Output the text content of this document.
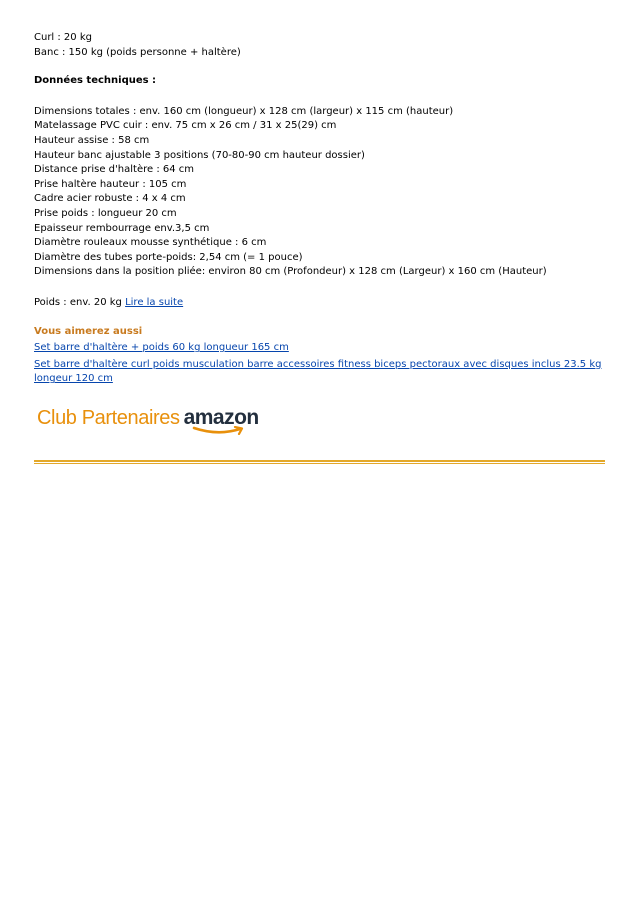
Curl : 20 kg

Banc : 150 kg (poids personne + haltère)

Données techniques :

Dimensions totales : env. 160 cm (longueur) x 128 cm (largeur) x 115 cm (hauteur)

Matelassage PVC cuir : env. 75 cm x 26 cm / 31 x 25(29) cm

Hauteur assise : 58 cm

Hauteur banc ajustable 3 positions (70-80-90 cm hauteur dossier)

Distance prise d'haltère : 64 cm

Prise haltère hauteur : 105 cm

Cadre acier robuste : 4 x 4 cm

Prise poids : longueur 20 cm

Epaisseur rembourrage env.3,5 cm

Diamètre rouleaux mousse synthétique : 6 cm

Diamètre des tubes porte-poids: 2,54 cm (= 1 pouce)

Dimensions dans la position pliée: environ 80 cm (Profondeur) x 128 cm (Largeur) x 160 cm (Hauteur)

Poids : env. 20 kg Lire la suite

Vous aimerez aussi

Set barre d'haltère + poids 60 kg longueur 165 cm

Set barre d'haltère curl poids musculation barre accessoires fitness biceps pectoraux avec disques inclus 23.5 kg longeur 120 cm

Club Partenaires amazon
